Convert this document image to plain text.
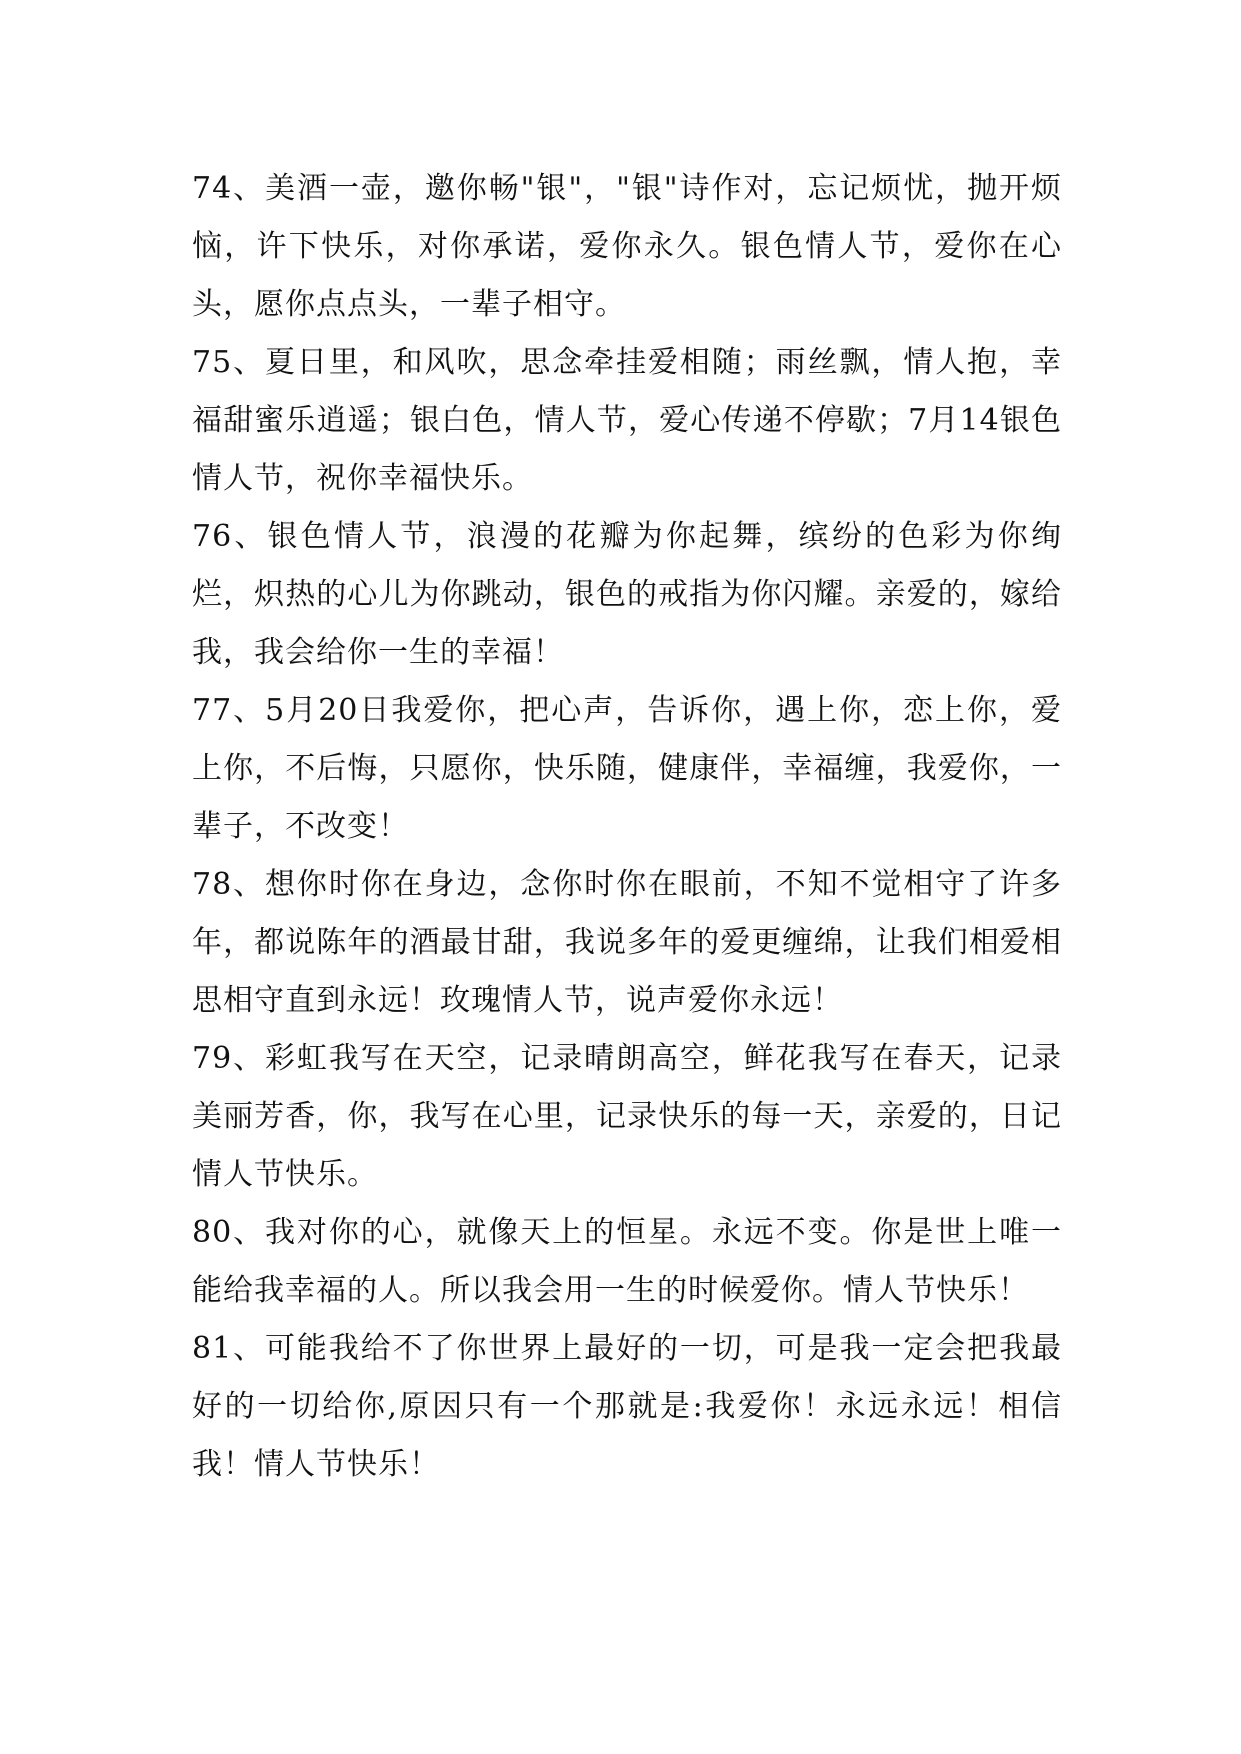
74、美酒一壶，邀你畅"银"，"银"诗作对，忘记烦忧，抛开烦恼，许下快乐，对你承诺，爱你永久。银色情人节，爱你在心头，愿你点点头，一辈子相守。

75、夏日里，和风吹，思念牵挂爱相随；雨丝飘，情人抱，幸福甜蜜乐逍遥；银白色，情人节，爱心传递不停歇；7月14银色情人节，祝你幸福快乐。

76、银色情人节，浪漫的花瓣为你起舞，缤纷的色彩为你绚烂，炽热的心儿为你跳动，银色的戒指为你闪耀。亲爱的，嫁给我，我会给你一生的幸福！

77、5月20日我爱你，把心声，告诉你，遇上你，恋上你，爱上你，不后悔，只愿你，快乐随，健康伴，幸福缠，我爱你，一辈子，不改变！

78、想你时你在身边，念你时你在眼前，不知不觉相守了许多年，都说陈年的酒最甘甜，我说多年的爱更缠绵，让我们相爱相思相守直到永远！玫瑰情人节，说声爱你永远！

79、彩虹我写在天空，记录晴朗高空，鲜花我写在春天，记录美丽芳香，你，我写在心里，记录快乐的每一天，亲爱的，日记情人节快乐。

80、我对你的心，就像天上的恒星。永远不变。你是世上唯一能给我幸福的人。所以我会用一生的时候爱你。情人节快乐！

81、可能我给不了你世界上最好的一切，可是我一定会把我最好的一切给你,原因只有一个那就是:我爱你！永远永远！相信我！情人节快乐！
